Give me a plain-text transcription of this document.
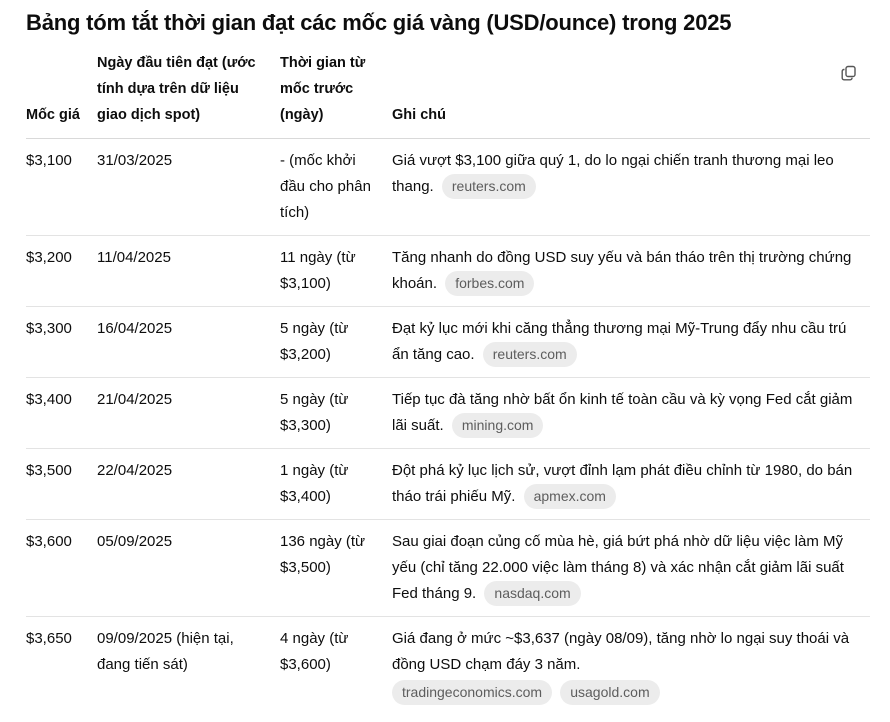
Bảng tóm tắt thời gian đạt các mốc giá vàng (USD/ounce) trong 2025
Mốc giá	Ngày đầu tiên đạt (ước tính dựa trên dữ liệu giao dịch spot)	Thời gian từ mốc trước (ngày)	Ghi chú
$3,100	31/03/2025	- (mốc khởi đầu cho phân tích)	Giá vượt $3,100 giữa quý 1, do lo ngại chiến tranh thương mại leo thang. reuters.com
$3,200	11/04/2025	11 ngày (từ $3,100)	Tăng nhanh do đồng USD suy yếu và bán tháo trên thị trường chứng khoán. forbes.com
$3,300	16/04/2025	5 ngày (từ $3,200)	Đạt kỷ lục mới khi căng thẳng thương mại Mỹ-Trung đẩy nhu cầu trú ẩn tăng cao. reuters.com
$3,400	21/04/2025	5 ngày (từ $3,300)	Tiếp tục đà tăng nhờ bất ổn kinh tế toàn cầu và kỳ vọng Fed cắt giảm lãi suất. mining.com
$3,500	22/04/2025	1 ngày (từ $3,400)	Đột phá kỷ lục lịch sử, vượt đỉnh lạm phát điều chỉnh từ 1980, do bán tháo trái phiếu Mỹ. apmex.com
$3,600	05/09/2025	136 ngày (từ $3,500)	Sau giai đoạn củng cố mùa hè, giá bứt phá nhờ dữ liệu việc làm Mỹ yếu (chỉ tăng 22.000 việc làm tháng 8) và xác nhận cắt giảm lãi suất Fed tháng 9. nasdaq.com
$3,650	09/09/2025 (hiện tại, đang tiến sát)	4 ngày (từ $3,600)	Giá đang ở mức ~$3,637 (ngày 08/09), tăng nhờ lo ngại suy thoái và đồng USD chạm đáy 3 năm.
tradingeconomics.com usagold.com
